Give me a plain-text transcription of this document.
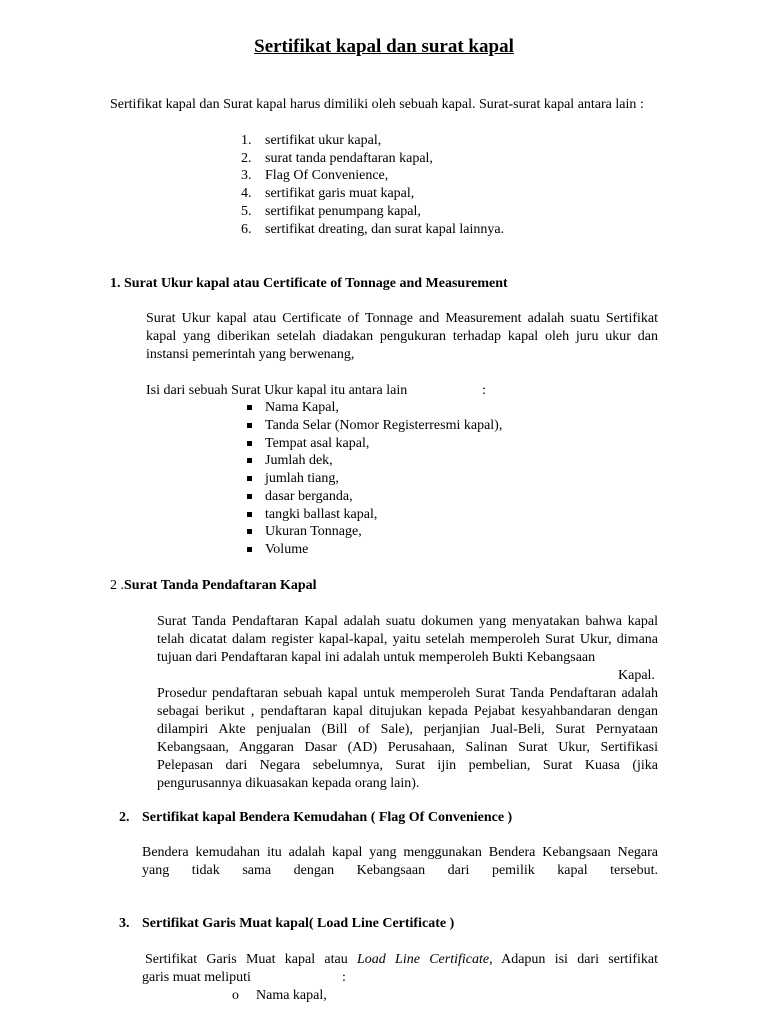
Sertifikat kapal dan surat kapal

Sertifikat kapal dan Surat kapal harus dimiliki oleh sebuah kapal. Surat-surat kapal antara lain :

1. sertifikat ukur kapal,
2. surat tanda pendaftaran kapal,
3. Flag Of Convenience,
4. sertifikat garis muat kapal,
5. sertifikat penumpang kapal,
6. sertifikat dreating, dan surat kapal lainnya.
1. Surat Ukur kapal atau Certificate of Tonnage and Measurement

Surat Ukur kapal atau Certificate of Tonnage and Measurement adalah suatu Sertifikat kapal yang diberikan setelah diadakan pengukuran terhadap kapal oleh juru ukur dan instansi pemerintah yang berwenang,

Isi dari sebuah Surat Ukur kapal itu antara lain	:
Nama Kapal,
Tanda Selar (Nomor Registerresmi kapal),
Tempat asal kapal,
Jumlah dek,
jumlah tiang,
dasar berganda,
tangki ballast kapal,
Ukuran Tonnage,
Volume
2 .Surat Tanda Pendaftaran Kapal

Surat Tanda Pendaftaran Kapal adalah suatu dokumen yang menyatakan bahwa kapal telah dicatat dalam register kapal-kapal, yaitu setelah memperoleh Surat Ukur, dimana tujuan dari Pendaftaran kapal ini adalah untuk memperoleh Bukti Kebangsaan

Kapal.

Prosedur pendaftaran sebuah kapal untuk memperoleh Surat Tanda Pendaftaran adalah sebagai berikut , pendaftaran kapal ditujukan kepada Pejabat kesyahbandaran dengan dilampiri Akte penjualan (Bill of Sale), perjanjian Jual-Beli, Surat Pernyataan Kebangsaan, Anggaran Dasar (AD) Perusahaan, Salinan Surat Ukur, Sertifikasi Pelepasan dari Negara sebelumnya, Surat ijin pembelian, Surat Kuasa (jika pengurusannya dikuasakan kepada orang lain).

2. Sertifikat kapal Bendera Kemudahan ( Flag Of Convenience )

Bendera kemudahan itu adalah kapal yang menggunakan Bendera Kebangsaan Negara yang tidak sama dengan Kebangsaan dari pemilik kapal tersebut.

3. Sertifikat Garis Muat kapal( Load Line Certificate )
Sertifikat Garis Muat kapal atau Load Line Certificate, Adapun isi dari sertifikat
garis muat meliputi	:
o Nama kapal,
